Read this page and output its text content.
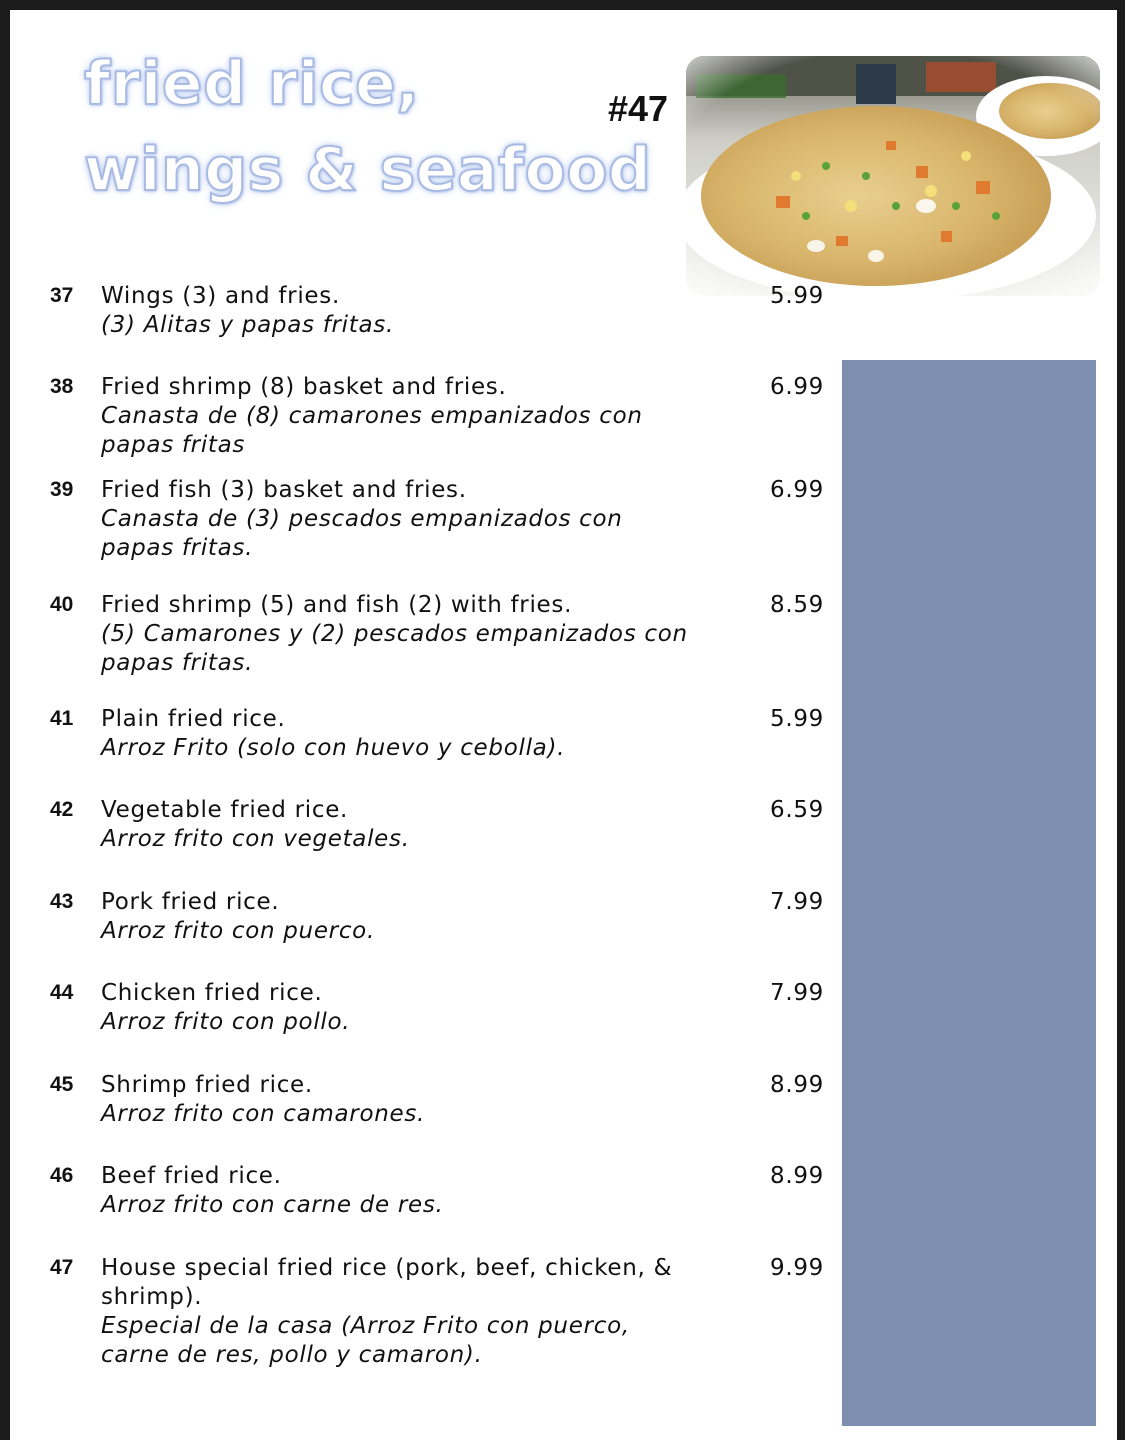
fried rice,
wings & seafood
#47
37 Wings (3) and fries.
(3) Alitas y papas fritas.
5.99
38 Fried shrimp (8) basket and fries.
Canasta de (8) camarones empanizados con
papas fritas
6.99
39 Fried fish (3) basket and fries.
Canasta de (3) pescados empanizados con
papas fritas.
6.99
40 Fried shrimp (5) and fish (2) with fries.
(5) Camarones y (2) pescados empanizados con
papas fritas.
8.59
41 Plain fried rice.
Arroz Frito (solo con huevo y cebolla).
5.99
42 Vegetable fried rice.
Arroz frito con vegetales.
6.59
43 Pork fried rice.
Arroz frito con puerco.
7.99
44 Chicken fried rice.
Arroz frito con pollo.
7.99
45 Shrimp fried rice.
Arroz frito con camarones.
8.99
46 Beef fried rice.
Arroz frito con carne de res.
8.99
47 House special fried rice (pork, beef, chicken, &
shrimp).
Especial de la casa (Arroz Frito con puerco,
carne de res, pollo y camaron).
9.99
